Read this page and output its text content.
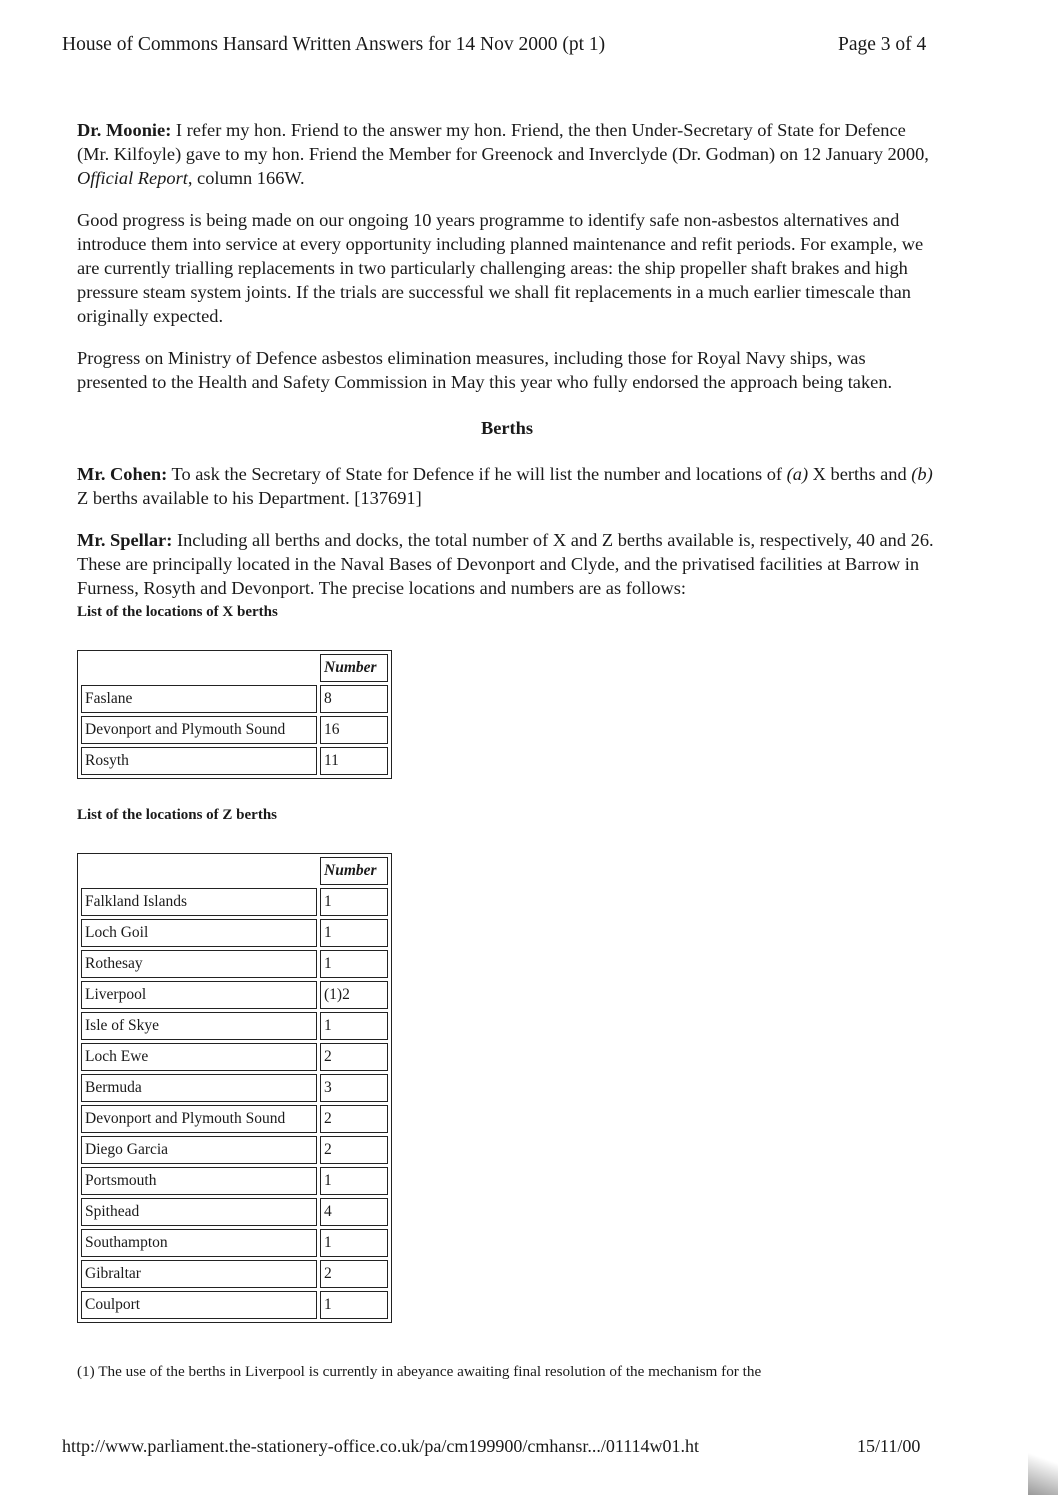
House of Commons Hansard Written Answers for 14 Nov 2000 (pt 1)	Page 3 of 4

Dr. Moonie: I refer my hon. Friend to the answer my hon. Friend, the then Under-Secretary of State for Defence (Mr. Kilfoyle) gave to my hon. Friend the Member for Greenock and Inverclyde (Dr. Godman) on 12 January 2000, Official Report, column 166W.

Good progress is being made on our ongoing 10 years programme to identify safe non-asbestos alternatives and introduce them into service at every opportunity including planned maintenance and refit periods. For example, we are currently trialling replacements in two particularly challenging areas: the ship propeller shaft brakes and high pressure steam system joints. If the trials are successful we shall fit replacements in a much earlier timescale than originally expected.

Progress on Ministry of Defence asbestos elimination measures, including those for Royal Navy ships, was presented to the Health and Safety Commission in May this year who fully endorsed the approach being taken.

Berths

Mr. Cohen: To ask the Secretary of State for Defence if he will list the number and locations of (a) X berths and (b) Z berths available to his Department. [137691]

Mr. Spellar: Including all berths and docks, the total number of X and Z berths available is, respectively, 40 and 26. These are principally located in the Naval Bases of Devonport and Clyde, and the privatised facilities at Barrow in Furness, Rosyth and Devonport. The precise locations and numbers are as follows:

List of the locations of X berths
	Number
Faslane	8
Devonport and Plymouth Sound	16
Rosyth	11
List of the locations of Z berths
	Number
Falkland Islands	1
Loch Goil	1
Rothesay	1
Liverpool	(1)2
Isle of Skye	1
Loch Ewe	2
Bermuda	3
Devonport and Plymouth Sound	2
Diego Garcia	2
Portsmouth	1
Spithead	4
Southampton	1
Gibraltar	2
Coulport	1
(1) The use of the berths in Liverpool is currently in abeyance awaiting final resolution of the mechanism for the
http://www.parliament.the-stationery-office.co.uk/pa/cm199900/cmhansr.../01114w01.ht	15/11/00
